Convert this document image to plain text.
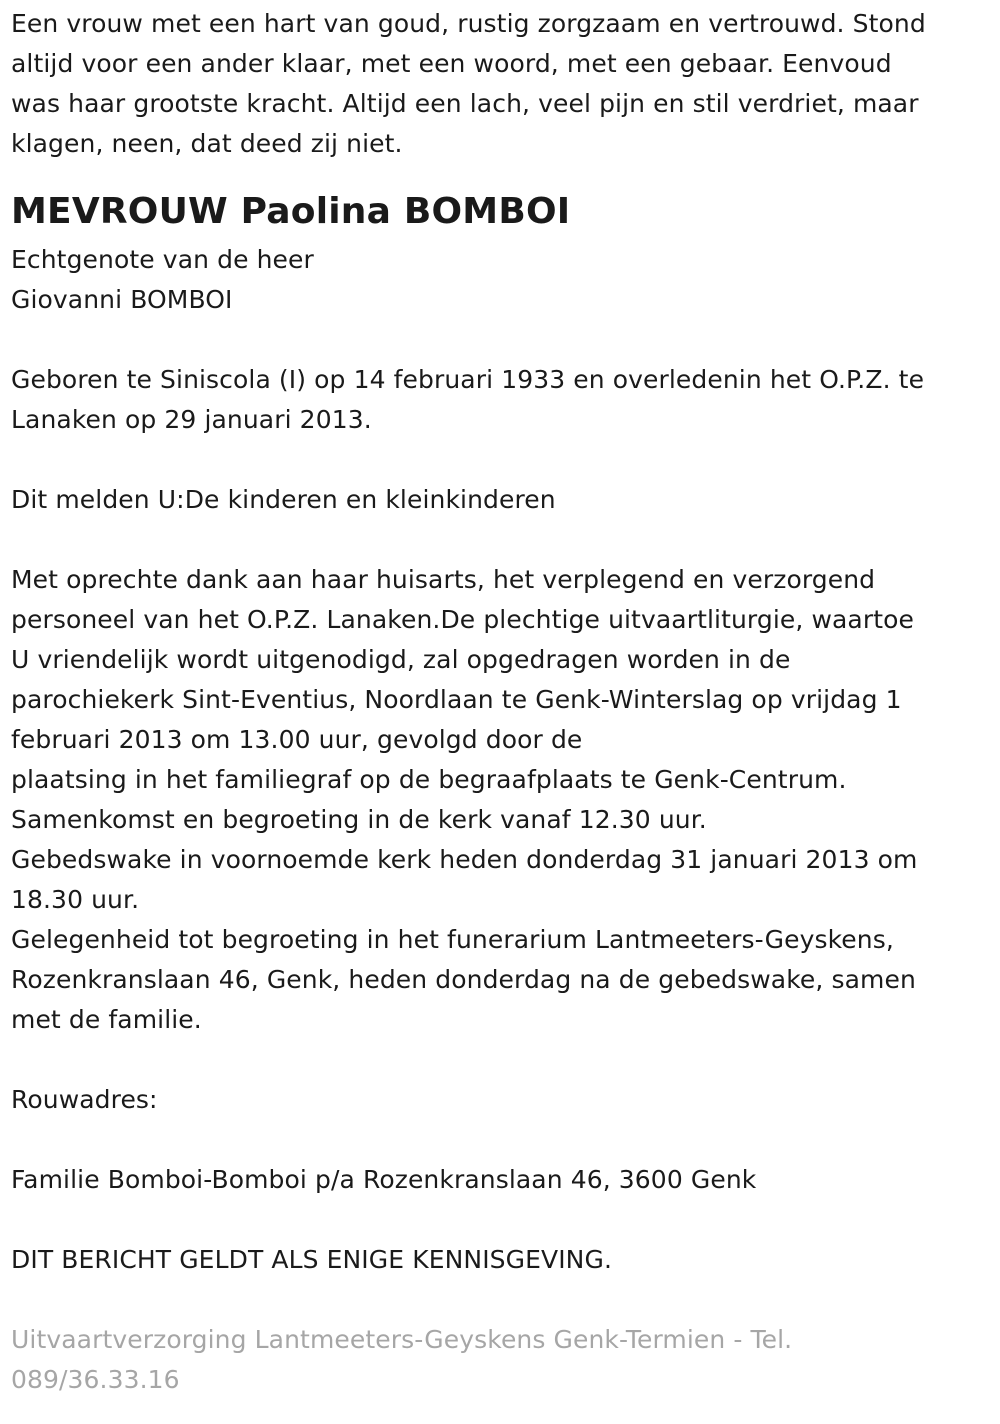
Een vrouw met een hart van goud, rustig zorgzaam en vertrouwd. Stond
altijd voor een ander klaar, met een woord, met een gebaar. Eenvoud
was haar grootste kracht. Altijd een lach, veel pijn en stil verdriet, maar
klagen, neen, dat deed zij niet.
MEVROUW Paolina BOMBOI
Echtgenote van de heer
Giovanni BOMBOI
Geboren te Siniscola (I) op 14 februari 1933 en overledenin het O.P.Z. te
Lanaken op 29 januari 2013.
Dit melden U:De kinderen en kleinkinderen
Met oprechte dank aan haar huisarts, het verplegend en verzorgend
personeel van het O.P.Z. Lanaken.De plechtige uitvaartliturgie, waartoe
U vriendelijk wordt uitgenodigd, zal opgedragen worden in de
parochiekerk Sint-Eventius, Noordlaan te Genk-Winterslag op vrijdag 1
februari 2013 om 13.00 uur, gevolgd door de
plaatsing in het familiegraf op de begraafplaats te Genk-Centrum.
Samenkomst en begroeting in de kerk vanaf 12.30 uur.
Gebedswake in voornoemde kerk heden donderdag 31 januari 2013 om
18.30 uur.
Gelegenheid tot begroeting in het funerarium Lantmeeters-Geyskens,
Rozenkranslaan 46, Genk, heden donderdag na de gebedswake, samen
met de familie.
Rouwadres:
Familie Bomboi-Bomboi p/a Rozenkranslaan 46, 3600 Genk
DIT BERICHT GELDT ALS ENIGE KENNISGEVING.
Uitvaartverzorging Lantmeeters-Geyskens Genk-Termien - Tel.
089/36.33.16
